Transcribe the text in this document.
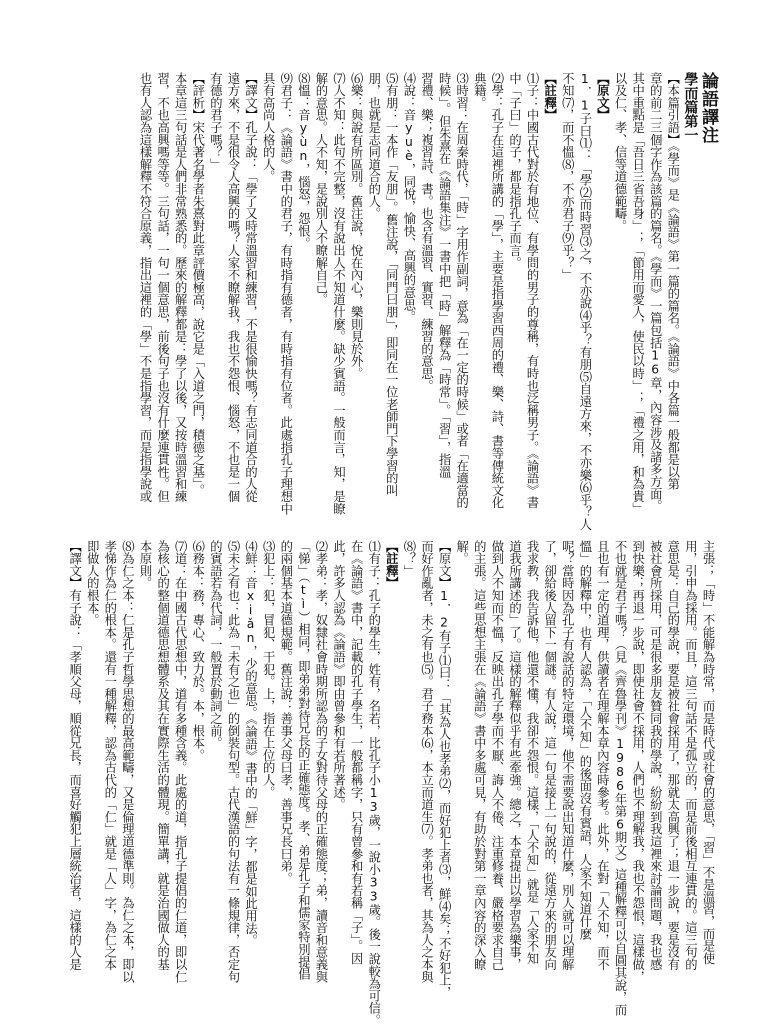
論語譯注
學而篇第一
【本篇引語】《學而》是《論語》第一篇的篇名。《論語》中各篇一般都是以第
章的前二三個字作為該篇的篇名。《學而》一篇包括16章，內容涉及諸多方面。
其中重點是「吾日三省吾身」；「節用而愛人，使民以時」；「禮之用，和為貴」
以及仁、孝、信等道德範疇。
【原文】
1．1子曰⑴：「學⑵而時習⑶之，不亦說⑷乎？有朋⑸自遠方來，不亦樂⑹乎？人
不知⑺，而不慍⑻，不亦君子⑼乎？」
【註釋】
⑴子：中國古代對於有地位、有學問的男子的尊稱，有時也泛稱男子。《論語》書
中「子曰」的子，都是指孔子而言。
⑵學：孔子在這裡所講的「學」，主要是指學習西周的禮、樂、詩、書等傳統文化
典籍。
⑶時習：在周秦時代，「時」字用作副詞，意為「在一定的時候」或者「在適當的
時候」。但朱熹在《論語集注》一書中把「時」解釋為「時常」。「習」，指溫
習禮、樂；複習詩、書。也含有溫習、實習、練習的意思。
⑷說：音yuè，同悅，愉快、高興的意思。
⑸有朋：一本作「友朋」。舊注說，「同門曰朋」，即同在一位老師門下學習的叫
朋，也就是志同道合的人。
⑹樂：與說有所區別。舊注說，悅在內心，樂則見於外。
⑺人不知：此句不完整，沒有說出人不知道什麼。缺少賓語。一般而言，知，是瞭
解的意思。人不知，是說別人不瞭解自己。
⑻慍：音yùn，惱怒，怨恨。
⑼君子：《論語》書中的君子，有時指有德者，有時指有位者。此處指孔子理想中
具有高尚人格的人。
【譯文】孔子說：「學了又時常溫習和練習，不是很愉快嗎？有志同道合的人從
遠方來，不是很令人高興的嗎？人家不瞭解我，我也不怨恨、惱怒，不也是一個
有德的君子嗎？」
【評析】宋代著名學者朱熹對此章評價極高，說它是「入道之門，積德之基」。
本章這三句話是人們非常熟悉的。歷來的解釋都是：學了以後，又按時溫習和練
習，不也高興嗎等等。三句話，一句一個意思，前後句子也沒有什麼連貫性。但
也有人認為這樣解釋不符合原義，指出這裡的「學」不是指學習，而是指學說或
主張；「時」不能解為時常，而是時代或社會的意思，「習」不是溫習，而是使
用，引申為採用。而且，這三句話不是孤立的，而是前後相互連貫的。這三句的
意思是：自己的學說，要是被社會採用了，那就太高興了；退一步說，要是沒有
被社會所採用，可是很多朋友贊同我的學說，紛紛到我這裡來討論問題，我也感
到快樂；再退一步說，即使社會不採用，人們也不理解我，我也不怨恨，這樣做，
不也就是君子嗎？（見《齊魯學刊》1986年第6期文）這種解釋可以自圓其說，而
且也有一定的道理，供讀者在理解本章內容時參考。此外，在對「人不知，而不
慍」的解釋中，也有人認為，「人不知」的後面沒有賓語，人家不知道什麼
呢？當時因為孔子有說話的特定環境，他不需要說出知道什麼，別人就可以理解
了，卻給後人留下一個謎。有人說，這一句是接上一句說的，從遠方來的朋友向
我求教，我告訴他，他還不懂，我卻不怨恨。這樣，「人不知」就是「人家不知
道我所講述的」了。這樣的解釋似乎有些牽強。總之，本章提出以學習為樂事，
做到人不知而不慍，反映出孔子學而不厭、誨人不倦、注重修養、嚴格要求自己
的主張。這些思想主張在《論語》書中多處可見，有助於對第一章內容的深入瞭
解。
【原文】1．2有子⑴曰：「其為人也孝弟⑵，而好犯上者⑶，鮮⑷矣；不好犯上，
而好作亂者，未之有也⑸。君子務本⑹，本立而道生⑺。孝弟也者，其為人之本與
⑻？」
【註釋】
⑴有子：孔子的學生，姓有，名若，比孔子小13歲，一說小33歲。後一說較為可信。
在《論語》書中，記載的孔子學生，一般都稱字，只有曾參和有若稱「子」。因
此，許多人認為《論語》即由曾參和有若所著述。
⑵孝弟：孝，奴隸社會時期所認為的子女對待父母的正確態度；弟，讀音和意義與
「悌」（tì）相同，即弟弟對待兄長的正確態度。孝、弟是孔子和儒家特別提倡
的兩個基本道德規範。舊注說：善事父母曰孝，善事兄長曰弟。
⑶犯上：犯，冒犯、干犯。上，指在上位的人。
⑷鮮：音xiǎn，少的意思。《論語》書中的「鮮」字，都是如此用法。
⑸未之有也：此為「未有之也」的倒裝句型。古代漢語的句法有一條規律，否定句
的賓語若為代詞，一般置於動詞之前。
⑹務本：務，專心、致力於。本，根本。
⑺道：在中國古代思想中，道有多種含義。此處的道，指孔子提倡的仁道，即以仁
為核心的整個道德思想體系及其在實際生活的體現。簡單講，就是治國做人的基
本原則。
⑻為仁之本：仁是孔子哲學思想的最高範疇，又是倫理道德準則。為仁之本，即以
孝悌作為仁的根本。還有一種解釋，認為古代的「仁」就是「人」字，為仁之本
即做人的根本。
【譯文】有子說：「孝順父母，順從兄長，而喜好觸犯上層統治者，這樣的人是
